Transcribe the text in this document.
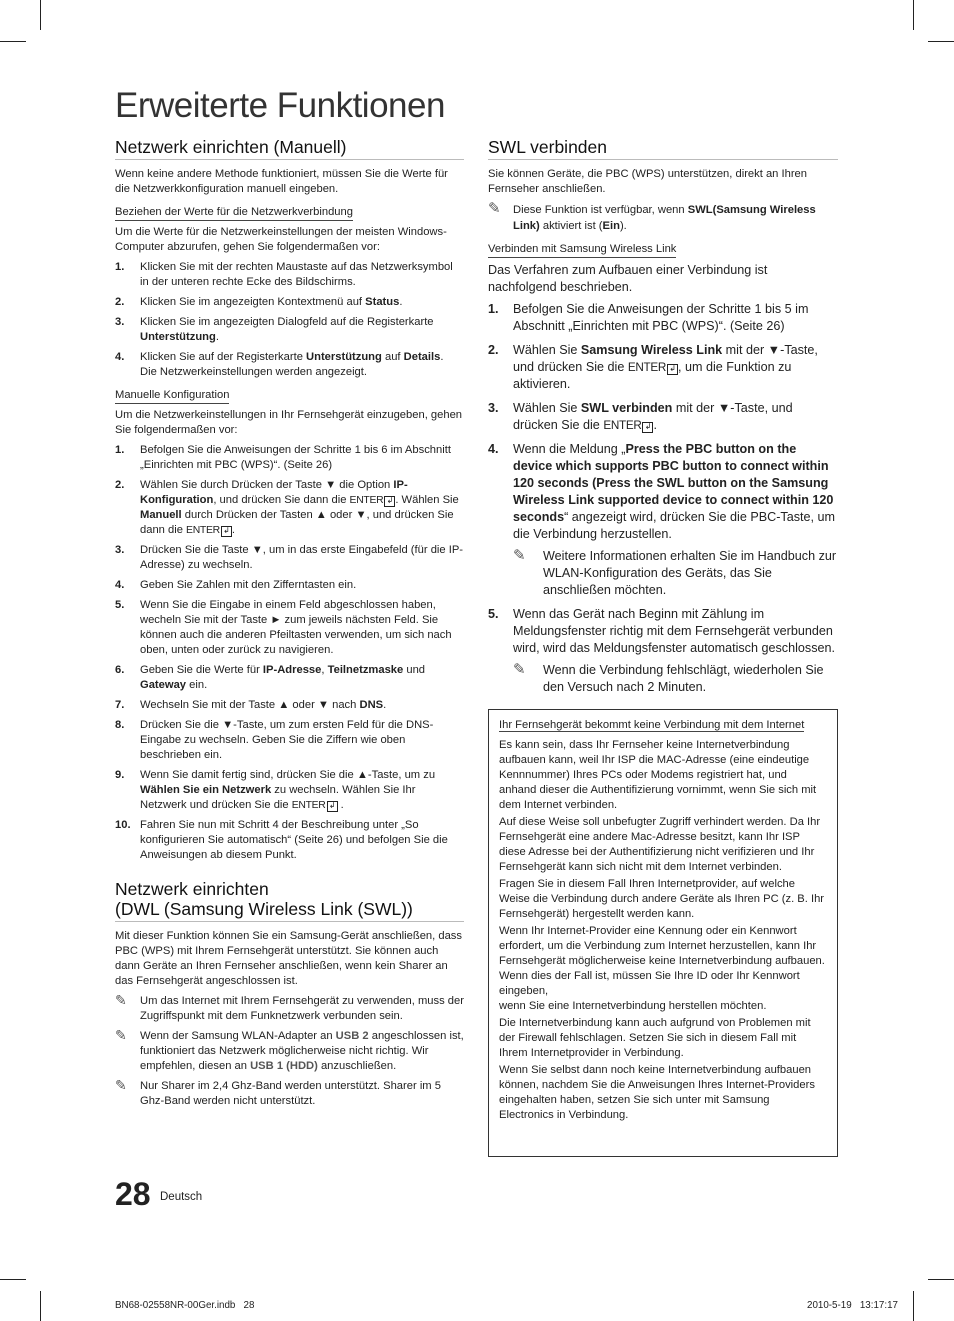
Erweiterte Funktionen
Netzwerk einrichten (Manuell)
Wenn keine andere Methode funktioniert, müssen Sie die Werte für die Netzwerkkonfiguration manuell eingeben.
Beziehen der Werte für die Netzwerkverbindung
Um die Werte für die Netzwerkeinstellungen der meisten Windows-Computer abzurufen, gehen Sie folgendermaßen vor:
1. Klicken Sie mit der rechten Maustaste auf das Netzwerksymbol in der unteren rechte Ecke des Bildschirms.
2. Klicken Sie im angezeigten Kontextmenü auf Status.
3. Klicken Sie im angezeigten Dialogfeld auf die Registerkarte Unterstützung.
4. Klicken Sie auf der Registerkarte Unterstützung auf Details.
Die Netzwerkeinstellungen werden angezeigt.
Manuelle Konfiguration
Um die Netzwerkeinstellungen in Ihr Fernsehgerät einzugeben, gehen Sie folgendermaßen vor:
1. Befolgen Sie die Anweisungen der Schritte 1 bis 6 im Abschnitt „Einrichten mit PBC (WPS)“. (Seite 26)
2. Wählen Sie durch Drücken der Taste ▼ die Option IP-Konfiguration, und drücken Sie dann die ENTER ↲ . Wählen Sie Manuell durch Drücken der Tasten ▲ oder ▼, und drücken Sie dann die ENTER ↲ .
3. Drücken Sie die Taste ▼, um in das erste Eingabefeld (für die IP-Adresse) zu wechseln.
4. Geben Sie Zahlen mit den Zifferntasten ein.
5. Wenn Sie die Eingabe in einem Feld abgeschlossen haben, wecheln Sie mit der Taste ► zum jeweils nächsten Feld. Sie können auch die anderen Pfeiltasten verwenden, um sich nach oben, unten oder zurück zu navigieren.
6. Geben Sie die Werte für IP-Adresse, Teilnetzmaske und Gateway ein.
7. Wechseln Sie mit der Taste ▲ oder ▼ nach DNS.
8. Drücken Sie die ▼-Taste, um zum ersten Feld für die DNS-Eingabe zu wechseln. Geben Sie die Ziffern wie oben beschrieben ein.
9. Wenn Sie damit fertig sind, drücken Sie die ▲-Taste, um zu Wählen Sie ein Netzwerk zu wechseln. Wählen Sie Ihr Netzwerk und drücken Sie die ENTER ↲ .
10. Fahren Sie nun mit Schritt 4 der Beschreibung unter „So konfigurieren Sie automatisch“ (Seite 26) und befolgen Sie die Anweisungen ab diesem Punkt.
Netzwerk einrichten
(DWL (Samsung Wireless Link (SWL))
Mit dieser Funktion können Sie ein Samsung-Gerät anschließen, dass PBC (WPS) mit Ihrem Fernsehgerät unterstützt. Sie können auch dann Geräte an Ihren Fernseher anschließen, wenn kein Sharer an das Fernsehgerät angeschlossen ist.
✎ Um das Internet mit Ihrem Fernsehgerät zu verwenden, muss der Zugriffspunkt mit dem Funknetzwerk verbunden sein.
✎ Wenn der Samsung WLAN-Adapter an USB 2 angeschlossen ist, funktioniert das Netzwerk möglicherweise nicht richtig. Wir empfehlen, diesen an USB 1 (HDD) anzuschließen.
✎ Nur Sharer im 2,4 Ghz-Band werden unterstützt. Sharer im 5 Ghz-Band werden nicht unterstützt.
SWL verbinden
Sie können Geräte, die PBC (WPS) unterstützen, direkt an Ihren Fernseher anschließen.
✎ Diese Funktion ist verfügbar, wenn SWL(Samsung Wireless Link) aktiviert ist (Ein).
Verbinden mit Samsung Wireless Link
Das Verfahren zum Aufbauen einer Verbindung ist nachfolgend beschrieben.
1. Befolgen Sie die Anweisungen der Schritte 1 bis 5 im Abschnitt „Einrichten mit PBC (WPS)“. (Seite 26)
2. Wählen Sie Samsung Wireless Link mit der ▼-Taste, und drücken Sie die ENTER ↲ , um die Funktion zu aktivieren.
3. Wählen Sie SWL verbinden mit der ▼-Taste, und drücken Sie die ENTER ↲ .
4. Wenn die Meldung „Press the PBC button on the device which supports PBC button to connect within 120 seconds (Press the SWL button on the Samsung Wireless Link supported device to connect within 120 seconds“ angezeigt wird, drücken Sie die PBC-Taste, um die Verbindung herzustellen.
✎ Weitere Informationen erhalten Sie im Handbuch zur WLAN-Konfiguration des Geräts, das Sie anschließen möchten.
5. Wenn das Gerät nach Beginn mit Zählung im Meldungsfenster richtig mit dem Fernsehgerät verbunden wird, wird das Meldungsfenster automatisch geschlossen.
✎ Wenn die Verbindung fehlschlägt, wiederholen Sie den Versuch nach 2 Minuten.

Ihr Fernsehgerät bekommt keine Verbindung mit dem Internet

Es kann sein, dass Ihr Fernseher keine Internetverbindung aufbauen kann, weil Ihr ISP die MAC-Adresse (eine eindeutige Kennnummer) Ihres PCs oder Modems registriert hat, und anhand dieser die Authentifizierung vornimmt, wenn Sie sich mit dem Internet verbinden.

Auf diese Weise soll unbefugter Zugriff verhindert werden. Da Ihr Fernsehgerät eine andere Mac-Adresse besitzt, kann Ihr ISP diese Adresse bei der Authentifizierung nicht verifizieren und Ihr Fernsehgerät kann sich nicht mit dem Internet verbinden.

Fragen Sie in diesem Fall Ihren Internetprovider, auf welche Weise die Verbindung durch andere Geräte als Ihren PC (z. B. Ihr Fernsehgerät) hergestellt werden kann.

Wenn Ihr Internet-Provider eine Kennung oder ein Kennwort erfordert, um die Verbindung zum Internet herzustellen, kann Ihr Fernsehgerät möglicherweise keine Internetverbindung aufbauen. Wenn dies der Fall ist, müssen Sie Ihre ID oder Ihr Kennwort eingeben,

wenn Sie eine Internetverbindung herstellen möchten.

Die Internetverbindung kann auch aufgrund von Problemen mit der Firewall fehlschlagen. Setzen Sie sich in diesem Fall mit Ihrem Internetprovider in Verbindung.

Wenn Sie selbst dann noch keine Internetverbindung aufbauen können, nachdem Sie die Anweisungen Ihres Internet-Providers eingehalten haben, setzen Sie sich unter mit Samsung Electronics in Verbindung.

28 Deutsch
BN68-02558NR-00Ger.indb   28	2010-5-19   13:17:17
